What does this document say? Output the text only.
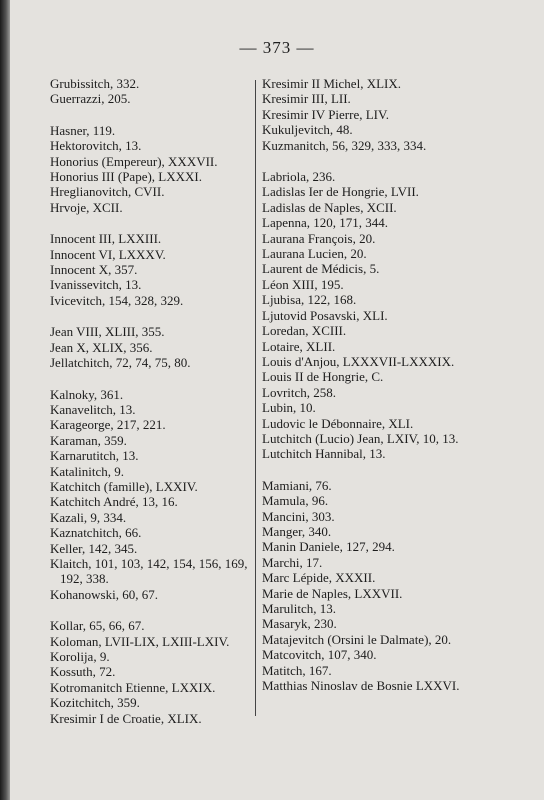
— 373 —
Grubissitch, 332.
Guerrazzi, 205.
Hasner, 119.
Hektorovitch, 13.
Honorius (Empereur), XXXVII.
Honorius III (Pape), LXXXI.
Hreglianovitch, CVII.
Hrvoje, XCII.
Innocent III, LXXIII.
Innocent VI, LXXXV.
Innocent X, 357.
Ivanissevitch, 13.
Ivicevitch, 154, 328, 329.
Jean VIII, XLIII, 355.
Jean X, XLIX, 356.
Jellatchitch, 72, 74, 75, 80.
Kalnoky, 361.
Kanavelitch, 13.
Karageorge, 217, 221.
Karaman, 359.
Karnarutitch, 13.
Katalinitch, 9.
Katchitch (famille), LXXIV.
Katchitch André, 13, 16.
Kazali, 9, 334.
Kaznatchitch, 66.
Keller, 142, 345.
Klaitch, 101, 103, 142, 154, 156, 169, 192, 338.
Kohanowski, 60, 67.
Kollar, 65, 66, 67.
Koloman, LVII-LIX, LXIII-LXIV.
Korolija, 9.
Kossuth, 72.
Kotromanitch Etienne, LXXIX.
Kozitchitch, 359.
Kresimir I de Croatie, XLIX.
Kresimir II Michel, XLIX.
Kresimir III, LII.
Kresimir IV Pierre, LIV.
Kukuljevitch, 48.
Kuzmanitch, 56, 329, 333, 334.
Labriola, 236.
Ladislas Ier de Hongrie, LVII.
Ladislas de Naples, XCII.
Lapenna, 120, 171, 344.
Laurana François, 20.
Laurana Lucien, 20.
Laurent de Médicis, 5.
Léon XIII, 195.
Ljubisa, 122, 168.
Ljutovid Posavski, XLI.
Loredan, XCIII.
Lotaire, XLII.
Louis d'Anjou, LXXXVII-LXXXIX.
Louis II de Hongrie, C.
Lovritch, 258.
Lubin, 10.
Ludovic le Débonnaire, XLI.
Lutchitch (Lucio) Jean, LXIV, 10, 13.
Lutchitch Hannibal, 13.
Mamiani, 76.
Mamula, 96.
Mancini, 303.
Manger, 340.
Manin Daniele, 127, 294.
Marchi, 17.
Marc Lépide, XXXII.
Marie de Naples, LXXVII.
Marulitch, 13.
Masaryk, 230.
Matajevitch (Orsini le Dalmate), 20.
Matcovitch, 107, 340.
Matitch, 167.
Matthias Ninoslav de Bosnie LXXVI.
